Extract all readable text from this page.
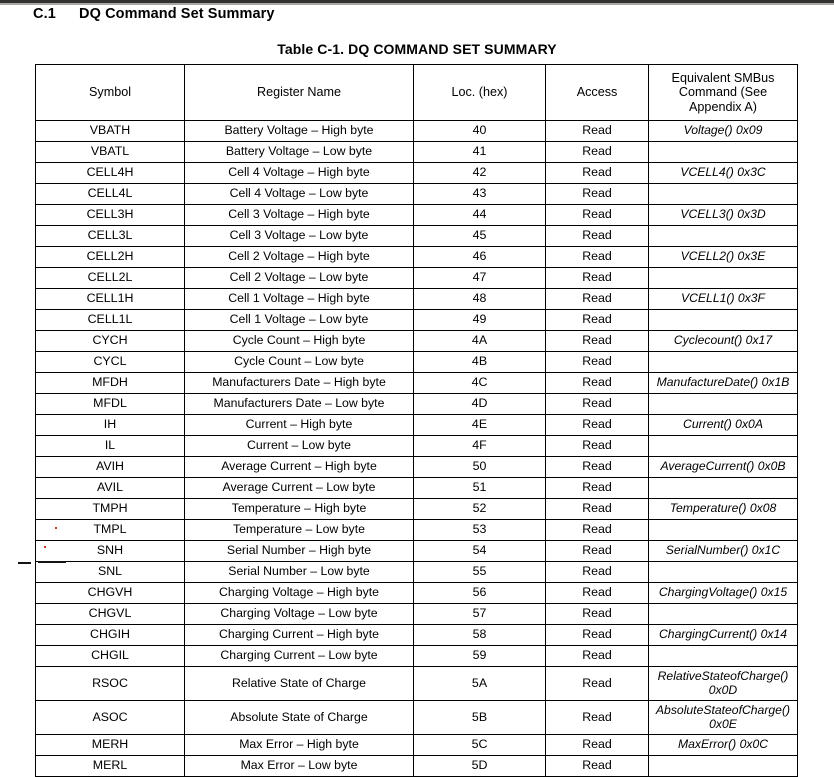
C.1 DQ Command Set Summary
Table C-1. DQ COMMAND SET SUMMARY
Symbol	Register Name	Loc. (hex)	Access	Equivalent SMBus
Command (See
Appendix A)
VBATH	Battery Voltage – High byte	40	Read	Voltage() 0x09
VBATL	Battery Voltage – Low byte	41	Read	
CELL4H	Cell 4 Voltage – High byte	42	Read	VCELL4() 0x3C
CELL4L	Cell 4 Voltage – Low byte	43	Read	
CELL3H	Cell 3 Voltage – High byte	44	Read	VCELL3() 0x3D
CELL3L	Cell 3 Voltage – Low byte	45	Read	
CELL2H	Cell 2 Voltage – High byte	46	Read	VCELL2() 0x3E
CELL2L	Cell 2 Voltage – Low byte	47	Read	
CELL1H	Cell 1 Voltage – High byte	48	Read	VCELL1() 0x3F
CELL1L	Cell 1 Voltage – Low byte	49	Read	
CYCH	Cycle Count – High byte	4A	Read	Cyclecount() 0x17
CYCL	Cycle Count – Low byte	4B	Read	
MFDH	Manufacturers Date – High byte	4C	Read	ManufactureDate() 0x1B
MFDL	Manufacturers Date – Low byte	4D	Read	
IH	Current – High byte	4E	Read	Current() 0x0A
IL	Current – Low byte	4F	Read	
AVIH	Average Current – High byte	50	Read	AverageCurrent() 0x0B
AVIL	Average Current – Low byte	51	Read	
TMPH	Temperature – High byte	52	Read	Temperature() 0x08
TMPL	Temperature – Low byte	53	Read	
SNH	Serial Number – High byte	54	Read	SerialNumber() 0x1C
SNL	Serial Number – Low byte	55	Read	
CHGVH	Charging Voltage – High byte	56	Read	ChargingVoltage() 0x15
CHGVL	Charging Voltage – Low byte	57	Read	
CHGIH	Charging Current – High byte	58	Read	ChargingCurrent() 0x14
CHGIL	Charging Current – Low byte	59	Read	
RSOC	Relative State of Charge	5A	Read	RelativeStateofCharge() 0x0D
ASOC	Absolute State of Charge	5B	Read	AbsoluteStateofCharge() 0x0E
MERH	Max Error – High byte	5C	Read	MaxError() 0x0C
MERL	Max Error – Low byte	5D	Read	
